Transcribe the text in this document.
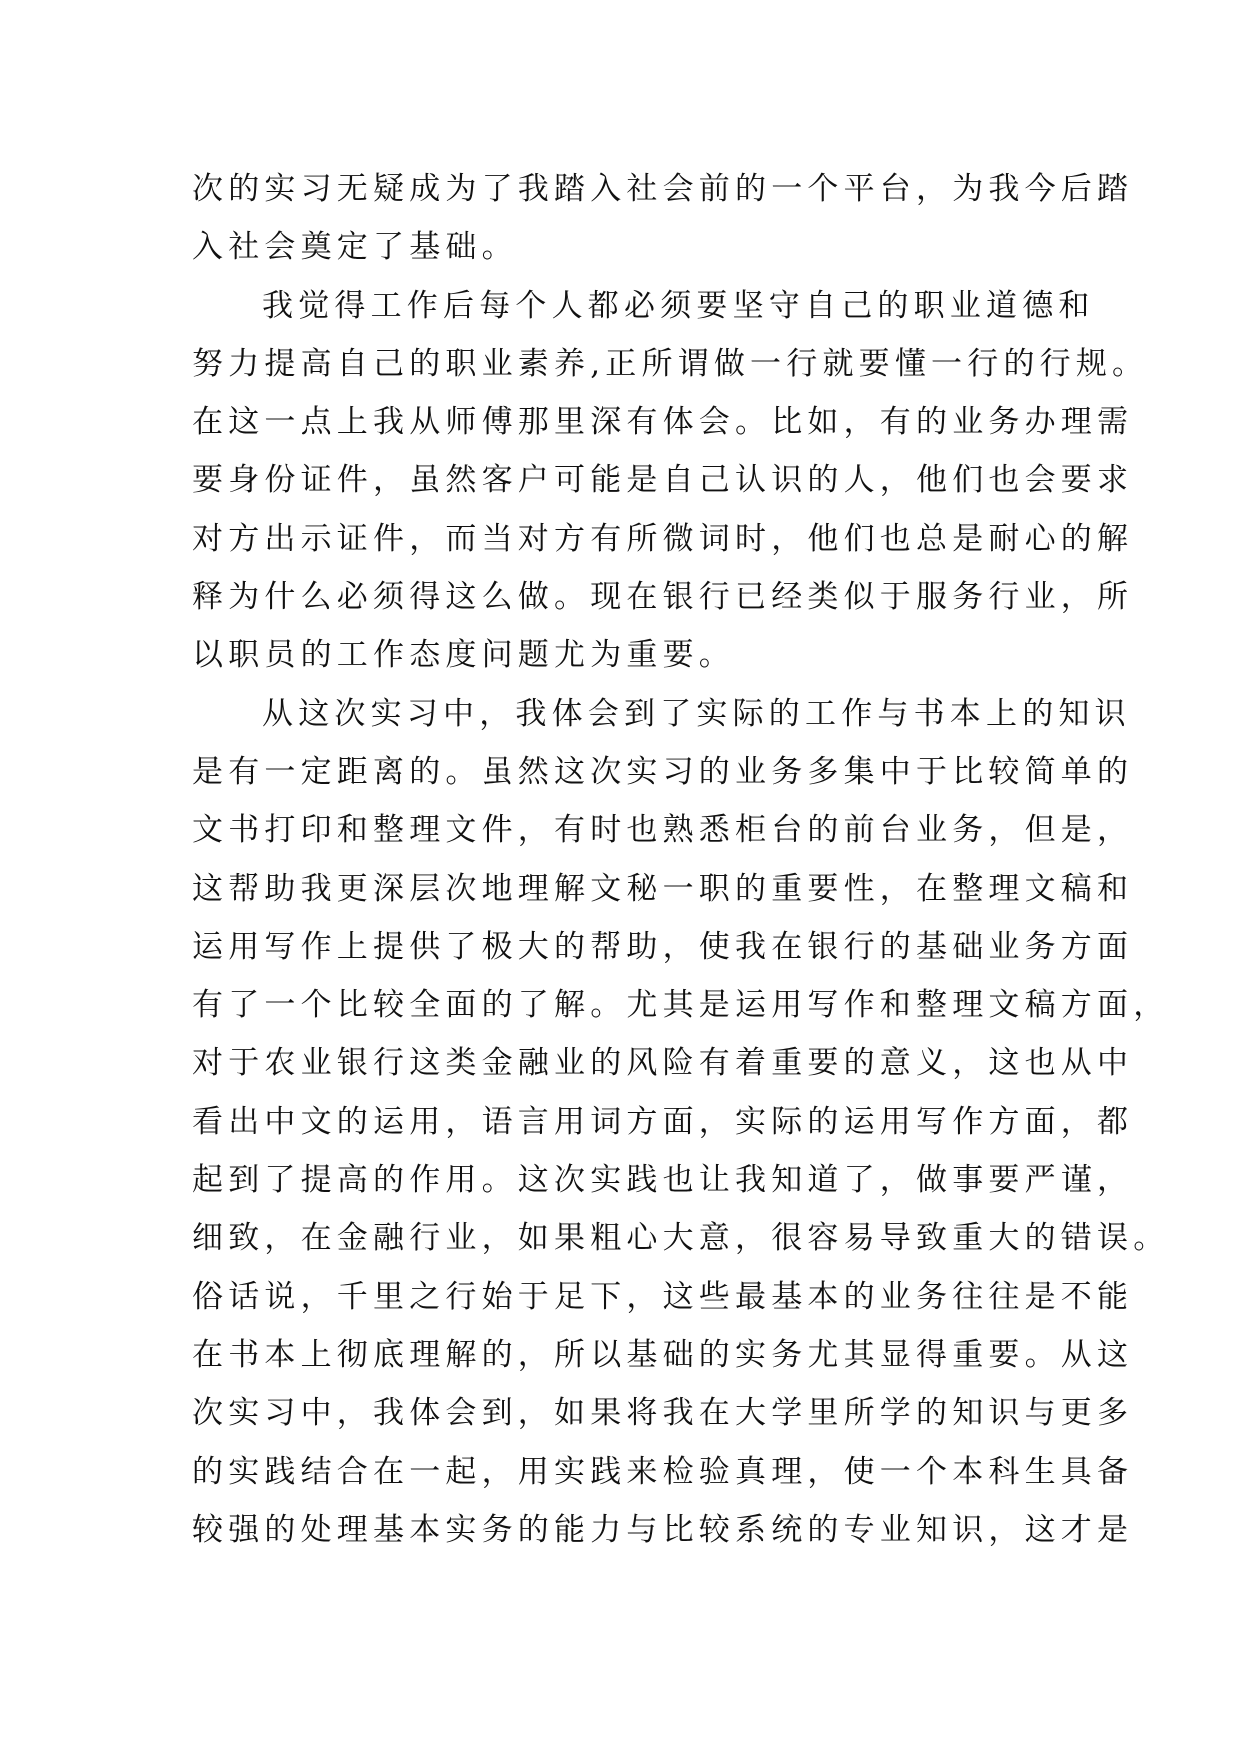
次的实习无疑成为了我踏入社会前的一个平台，为我今后踏
入社会奠定了基础。
我觉得工作后每个人都必须要坚守自己的职业道德和
努力提高自己的职业素养,正所谓做一行就要懂一行的行规。
在这一点上我从师傅那里深有体会。比如，有的业务办理需
要身份证件，虽然客户可能是自己认识的人，他们也会要求
对方出示证件，而当对方有所微词时，他们也总是耐心的解
释为什么必须得这么做。现在银行已经类似于服务行业，所
以职员的工作态度问题尤为重要。
从这次实习中，我体会到了实际的工作与书本上的知识
是有一定距离的。虽然这次实习的业务多集中于比较简单的
文书打印和整理文件，有时也熟悉柜台的前台业务，但是，
这帮助我更深层次地理解文秘一职的重要性，在整理文稿和
运用写作上提供了极大的帮助，使我在银行的基础业务方面
有了一个比较全面的了解。尤其是运用写作和整理文稿方面，
对于农业银行这类金融业的风险有着重要的意义，这也从中
看出中文的运用，语言用词方面，实际的运用写作方面，都
起到了提高的作用。这次实践也让我知道了，做事要严谨，
细致，在金融行业，如果粗心大意，很容易导致重大的错误。
俗话说，千里之行始于足下，这些最基本的业务往往是不能
在书本上彻底理解的，所以基础的实务尤其显得重要。从这
次实习中，我体会到，如果将我在大学里所学的知识与更多
的实践结合在一起，用实践来检验真理，使一个本科生具备
较强的处理基本实务的能力与比较系统的专业知识，这才是
